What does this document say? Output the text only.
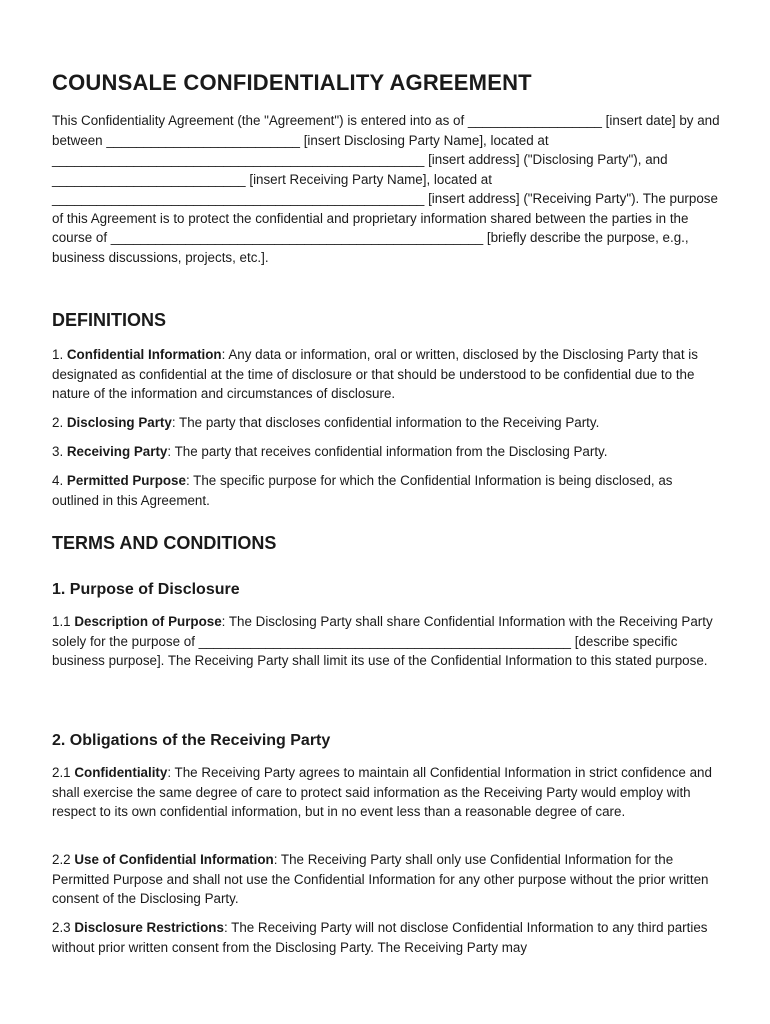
COUNSALE CONFIDENTIALITY AGREEMENT

This Confidentiality Agreement (the "Agreement") is entered into as of __________________ [insert date] by and between __________________________ [insert Disclosing Party Name], located at __________________________________________________ [insert address] ("Disclosing Party"), and __________________________ [insert Receiving Party Name], located at __________________________________________________ [insert address] ("Receiving Party"). The purpose of this Agreement is to protect the confidential and proprietary information shared between the parties in the course of __________________________________________________ [briefly describe the purpose, e.g., business discussions, projects, etc.].

DEFINITIONS

1. Confidential Information: Any data or information, oral or written, disclosed by the Disclosing Party that is designated as confidential at the time of disclosure or that should be understood to be confidential due to the nature of the information and circumstances of disclosure.

2. Disclosing Party: The party that discloses confidential information to the Receiving Party.

3. Receiving Party: The party that receives confidential information from the Disclosing Party.

4. Permitted Purpose: The specific purpose for which the Confidential Information is being disclosed, as outlined in this Agreement.

TERMS AND CONDITIONS
1. Purpose of Disclosure

1.1 Description of Purpose: The Disclosing Party shall share Confidential Information with the Receiving Party solely for the purpose of __________________________________________________ [describe specific business purpose]. The Receiving Party shall limit its use of the Confidential Information to this stated purpose.

2. Obligations of the Receiving Party

2.1 Confidentiality: The Receiving Party agrees to maintain all Confidential Information in strict confidence and shall exercise the same degree of care to protect said information as the Receiving Party would employ with respect to its own confidential information, but in no event less than a reasonable degree of care.

2.2 Use of Confidential Information: The Receiving Party shall only use Confidential Information for the Permitted Purpose and shall not use the Confidential Information for any other purpose without the prior written consent of the Disclosing Party.

2.3 Disclosure Restrictions: The Receiving Party will not disclose Confidential Information to any third parties without prior written consent from the Disclosing Party. The Receiving Party may
